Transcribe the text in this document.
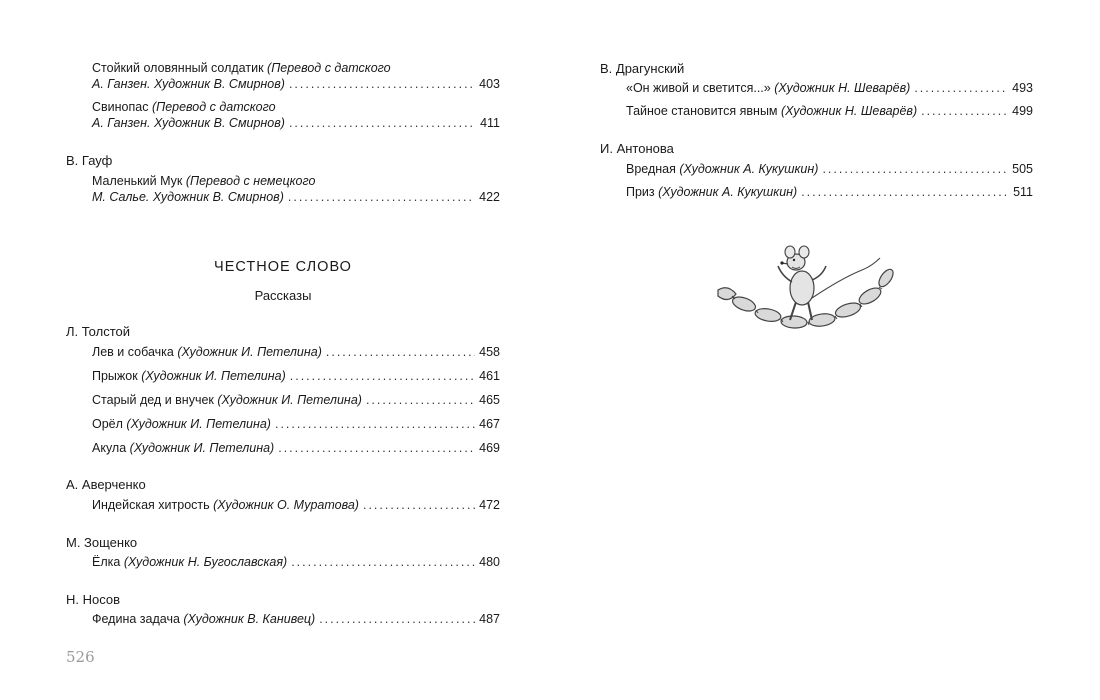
Стойкий оловянный солдатик (Перевод с датского
А. Ганзен. Художник В. Смирнов) .....	403
Свинопас (Перевод с датского
А. Ганзен. Художник В. Смирнов) .....	411
В. Гауф
Маленький Мук (Перевод с немецкого
М. Салье. Художник В. Смирнов) .....	422
ЧЕСТНОЕ СЛОВО
Рассказы
Л. Толстой
Лев и собачка (Художник И. Петелина) .....	458
Прыжок (Художник И. Петелина) .....	461
Старый дед и внучек (Художник И. Петелина) .....	465
Орёл (Художник И. Петелина) .....	467
Акула (Художник И. Петелина) .....	469
А. Аверченко
Индейская хитрость (Художник О. Муратова) .....	472
М. Зощенко
Ёлка (Художник Н. Бугославская) .....	480
Н. Носов
Федина задача (Художник В. Канивец) .....	487
526
В. Драгунский
«Он живой и светится...» (Художник Н. Шеварёв) .....	493
Тайное становится явным (Художник Н. Шеварёв) .....	499
И. Антонова
Вредная (Художник А. Кукушкин) .....	505
Приз (Художник А. Кукушкин) .....	511
